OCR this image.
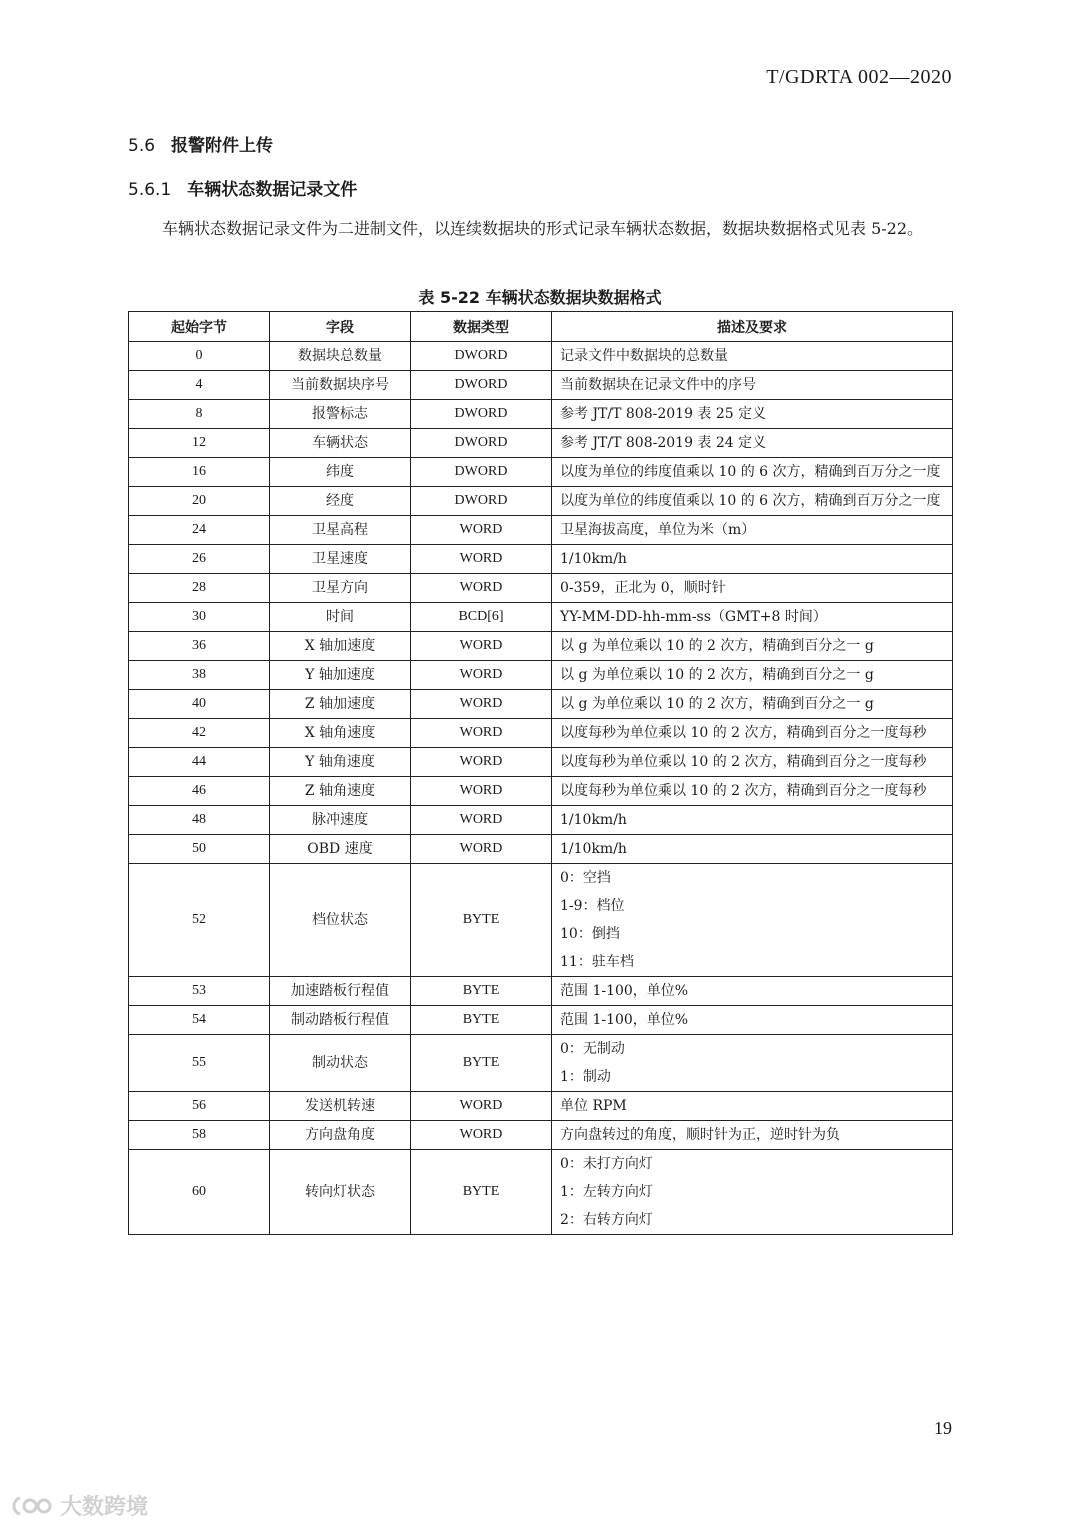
T/GDRTA 002—2020
5.6 报警附件上传
5.6.1 车辆状态数据记录文件
车辆状态数据记录文件为二进制文件，以连续数据块的形式记录车辆状态数据，数据块数据格式见表 5-22。
表 5-22 车辆状态数据块数据格式
起始字节	字段	数据类型	描述及要求
0	数据块总数量	DWORD	记录文件中数据块的总数量

4	当前数据块序号	DWORD	当前数据块在记录文件中的序号

8	报警标志	DWORD	参考 JT/T 808-2019 表 25 定义

12	车辆状态	DWORD	参考 JT/T 808-2019 表 24 定义

16	纬度	DWORD	以度为单位的纬度值乘以 10 的 6 次方，精确到百万分之一度

20	经度	DWORD	以度为单位的纬度值乘以 10 的 6 次方，精确到百万分之一度

24	卫星高程	WORD	卫星海拔高度，单位为米（m）

26	卫星速度	WORD	1/10km/h

28	卫星方向	WORD	0-359，正北为 0，顺时针

30	时间	BCD[6]	YY-MM-DD-hh-mm-ss（GMT+8 时间）

36	X 轴加速度	WORD	以 g 为单位乘以 10 的 2 次方，精确到百分之一 g

38	Y 轴加速度	WORD	以 g 为单位乘以 10 的 2 次方，精确到百分之一 g

40	Z 轴加速度	WORD	以 g 为单位乘以 10 的 2 次方，精确到百分之一 g

42	X 轴角速度	WORD	以度每秒为单位乘以 10 的 2 次方，精确到百分之一度每秒

44	Y 轴角速度	WORD	以度每秒为单位乘以 10 的 2 次方，精确到百分之一度每秒

46	Z 轴角速度	WORD	以度每秒为单位乘以 10 的 2 次方，精确到百分之一度每秒

48	脉冲速度	WORD	1/10km/h

50	OBD 速度	WORD	1/10km/h

52	档位状态	BYTE	0：空挡
1-9：档位
10：倒挡
11：驻车档

53	加速踏板行程值	BYTE	范围 1-100，单位%

54	制动踏板行程值	BYTE	范围 1-100，单位%

55	制动状态	BYTE	0：无制动
1：制动

56	发送机转速	WORD	单位 RPM

58	方向盘角度	WORD	方向盘转过的角度，顺时针为正，逆时针为负

60	转向灯状态	BYTE	0：未打方向灯
1：左转方向灯
2：右转方向灯
19
大数跨境
